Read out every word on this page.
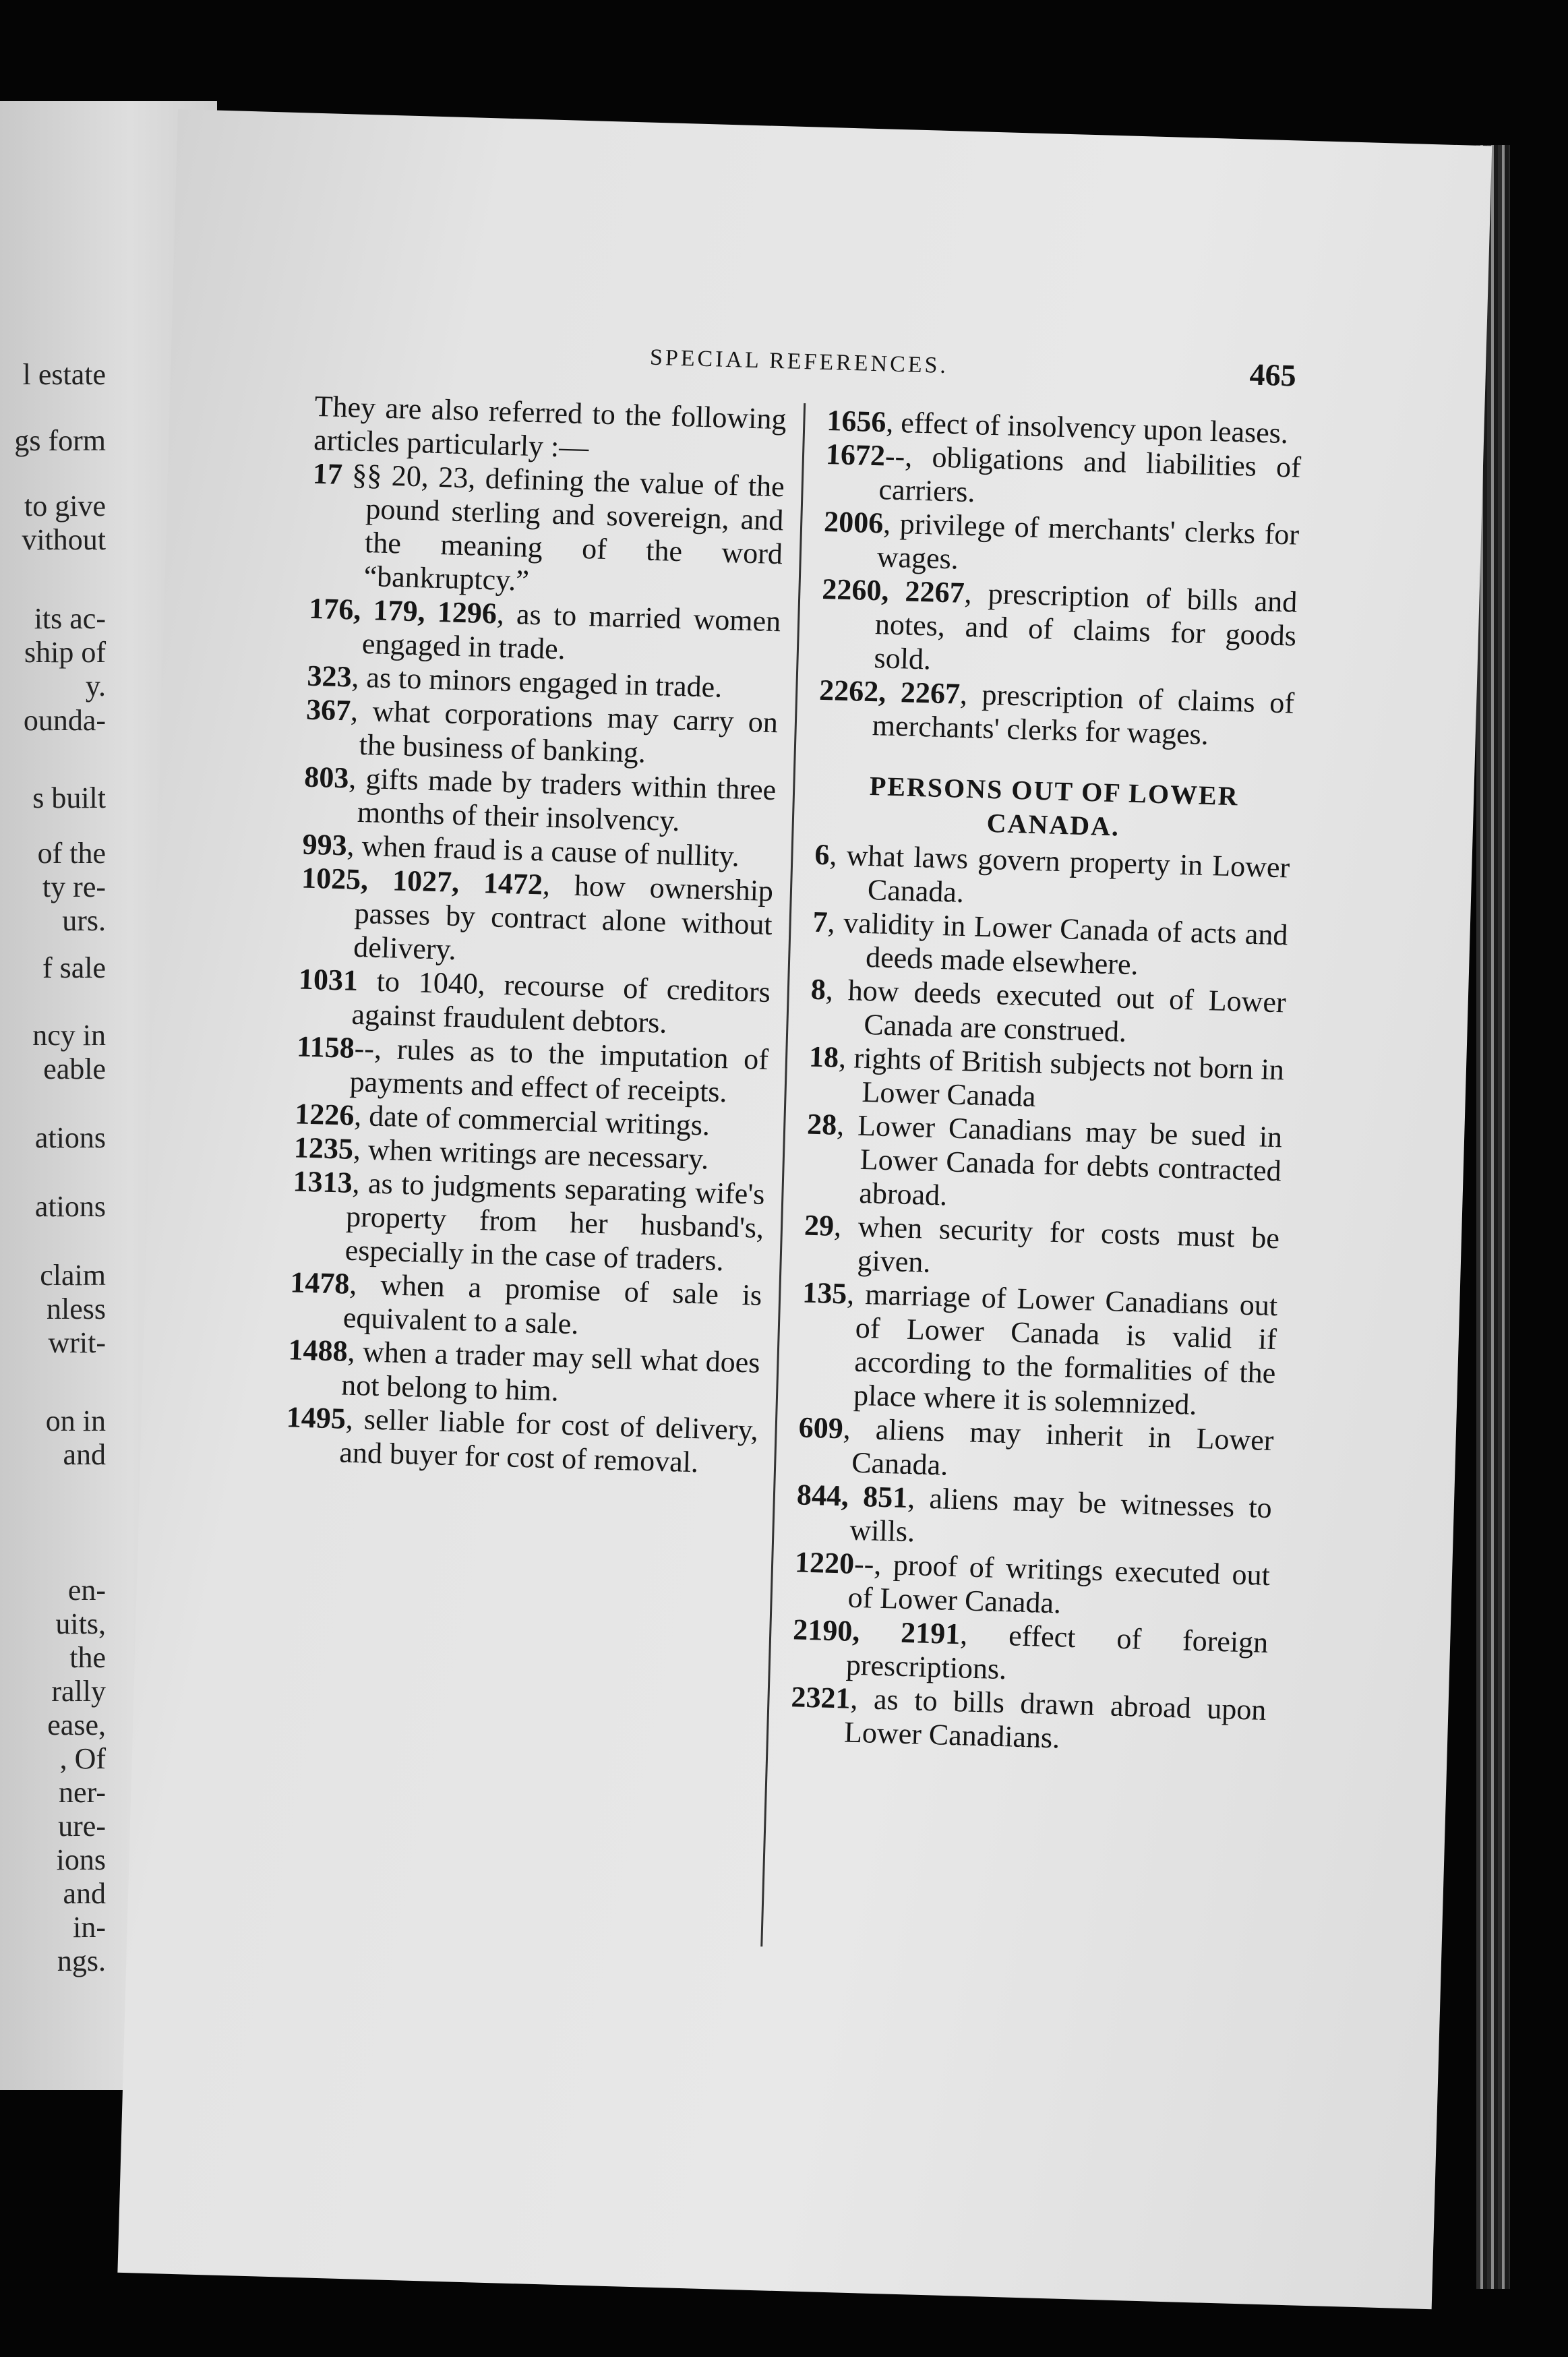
l estate

gs form

to give

vithout

its ac-

ship of

y.

ounda-

s built

of the

ty re-

urs.

f sale

ncy in

eable

ations

ations

claim

nless

writ-

on in

and

en-

uits,

the

rally

ease,

, Of

ner-

ure-

ions

and

in-

ngs.

SPECIAL REFERENCES.	465

They are also referred to the following articles particularly :—

17 §§ 20, 23, defining the value of the pound sterling and sovereign, and the meaning of the word “bankruptcy.”

176, 179, 1296, as to married women engaged in trade.

323, as to minors engaged in trade.

367, what corporations may carry on the business of banking.

803, gifts made by traders within three months of their insolvency.

993, when fraud is a cause of nullity.

1025, 1027, 1472, how ownership passes by contract alone without delivery.

1031 to 1040, recourse of creditors against fraudulent debtors.

1158--, rules as to the imputation of payments and effect of receipts.

1226, date of commercial writings.

1235, when writings are necessary.

1313, as to judgments separating wife's property from her husband's, especially in the case of traders.

1478, when a promise of sale is equivalent to a sale.

1488, when a trader may sell what does not belong to him.

1495, seller liable for cost of delivery, and buyer for cost of removal.

1656, effect of insolvency upon leases.

1672--, obligations and liabilities of carriers.

2006, privilege of merchants' clerks for wages.

2260, 2267, prescription of bills and notes, and of claims for goods sold.

2262, 2267, prescription of claims of merchants' clerks for wages.

PERSONS OUT OF LOWER CANADA.

6, what laws govern property in Lower Canada.

7, validity in Lower Canada of acts and deeds made elsewhere.

8, how deeds executed out of Lower Canada are construed.

18, rights of British subjects not born in Lower Canada

28, Lower Canadians may be sued in Lower Canada for debts contracted abroad.

29, when security for costs must be given.

135, marriage of Lower Canadians out of Lower Canada is valid if according to the formalities of the place where it is solemnized.

609, aliens may inherit in Lower Canada.

844, 851, aliens may be witnesses to wills.

1220--, proof of writings executed out of Lower Canada.

2190, 2191, effect of foreign prescriptions.

2321, as to bills drawn abroad upon Lower Canadians.
